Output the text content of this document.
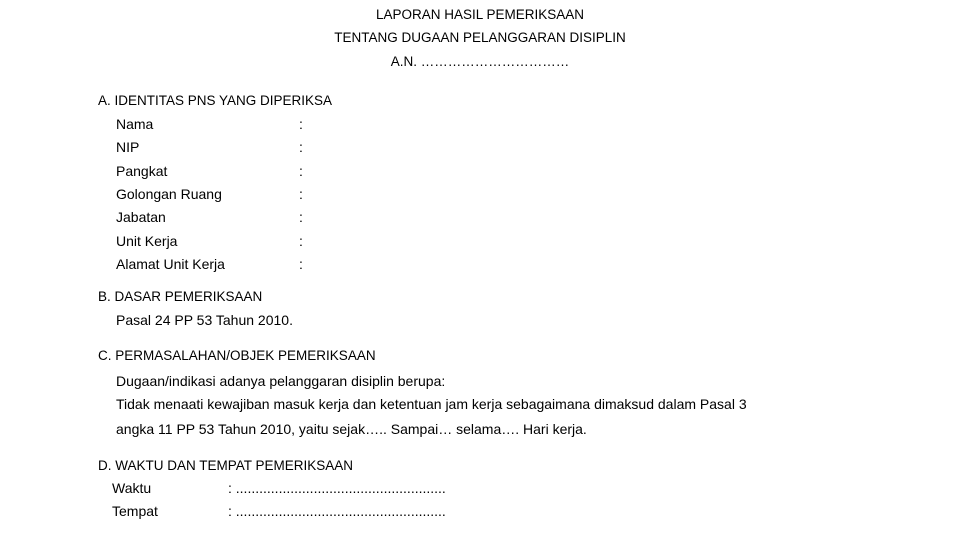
LAPORAN HASIL PEMERIKSAAN
TENTANG DUGAAN PELANGGARAN DISIPLIN
A.N. ……………………………
A. IDENTITAS PNS YANG DIPERIKSA
Nama	:
NIP	:
Pangkat	:
Golongan Ruang	:
Jabatan	:
Unit Kerja	:
Alamat Unit Kerja	:
B. DASAR PEMERIKSAAN
Pasal 24 PP 53 Tahun 2010.
C. PERMASALAHAN/OBJEK PEMERIKSAAN
Dugaan/indikasi adanya pelanggaran disiplin berupa:
Tidak menaati kewajiban masuk kerja dan ketentuan jam kerja sebagaimana dimaksud dalam Pasal 3
angka 11 PP 53 Tahun 2010, yaitu sejak….. Sampai… selama…. Hari kerja.
D. WAKTU DAN TEMPAT PEMERIKSAAN
Waktu	: ......................................................
Tempat	: ......................................................
